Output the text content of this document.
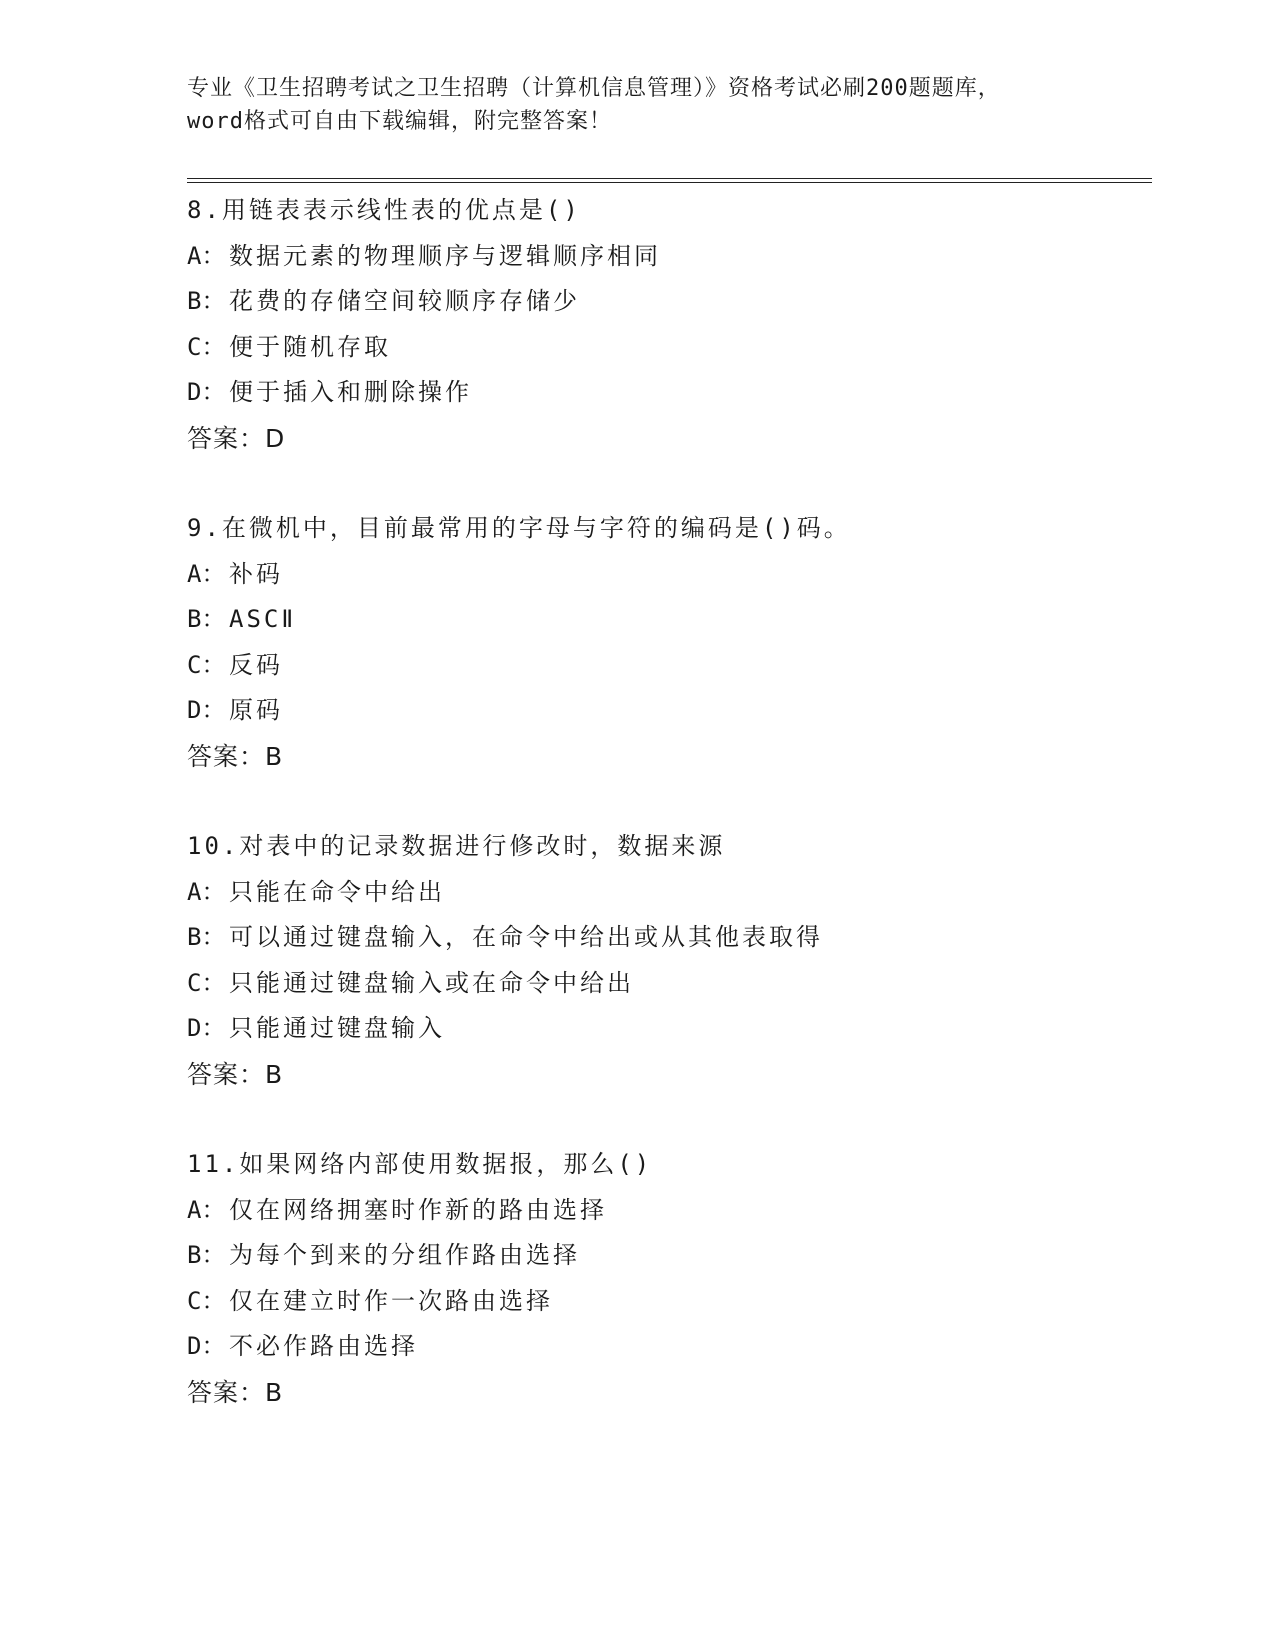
专业《卫生招聘考试之卫生招聘（计算机信息管理）》资格考试必刷200题题库，
word格式可自由下载编辑，附完整答案！
8.用链表表示线性表的优点是()
A： 数据元素的物理顺序与逻辑顺序相同
B： 花费的存储空间较顺序存储少
C： 便于随机存取
D： 便于插入和删除操作
答案：D
9.在微机中，目前最常用的字母与字符的编码是()码。
A： 补码
B： ASCⅡ
C： 反码
D： 原码
答案：B
10.对表中的记录数据进行修改时，数据来源
A： 只能在命令中给出
B： 可以通过键盘输入，在命令中给出或从其他表取得
C： 只能通过键盘输入或在命令中给出
D： 只能通过键盘输入
答案：B
11.如果网络内部使用数据报，那么()
A： 仅在网络拥塞时作新的路由选择
B： 为每个到来的分组作路由选择
C： 仅在建立时作一次路由选择
D： 不必作路由选择
答案：B
